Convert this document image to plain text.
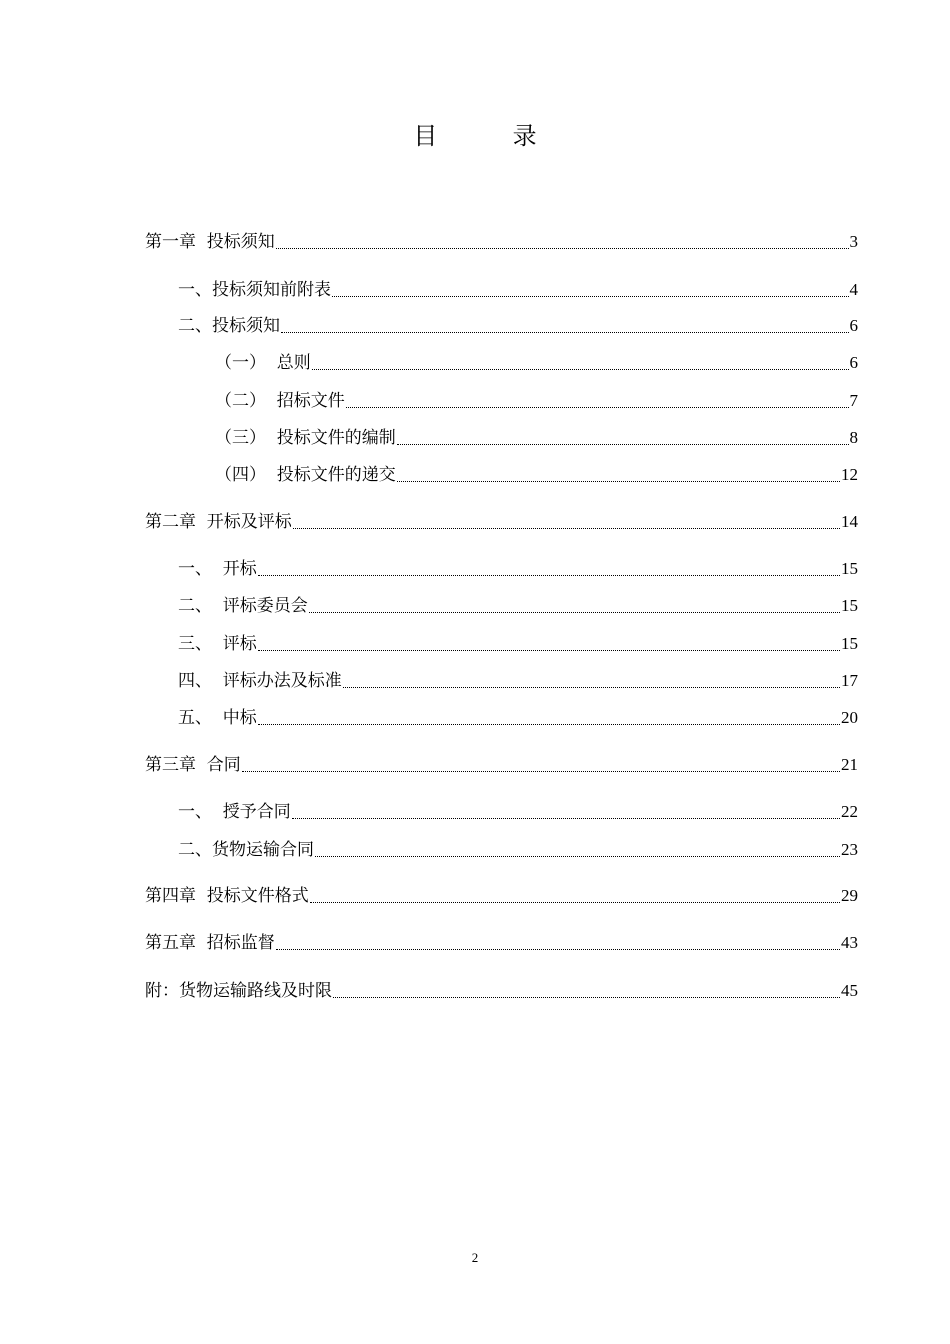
目  录
第一章  投标须知	3
一、投标须知前附表	4
二、投标须知	6
（一）  总则	6
（二）  招标文件	7
（三）  投标文件的编制	8
（四）  投标文件的递交	12
第二章  开标及评标	14
一、  开标	15
二、  评标委员会	15
三、  评标	15
四、  评标办法及标准	17
五、  中标	20
第三章  合同	21
一、  授予合同	22
二、货物运输合同	23
第四章  投标文件格式	29
第五章  招标监督	43
附：货物运输路线及时限	45
2
